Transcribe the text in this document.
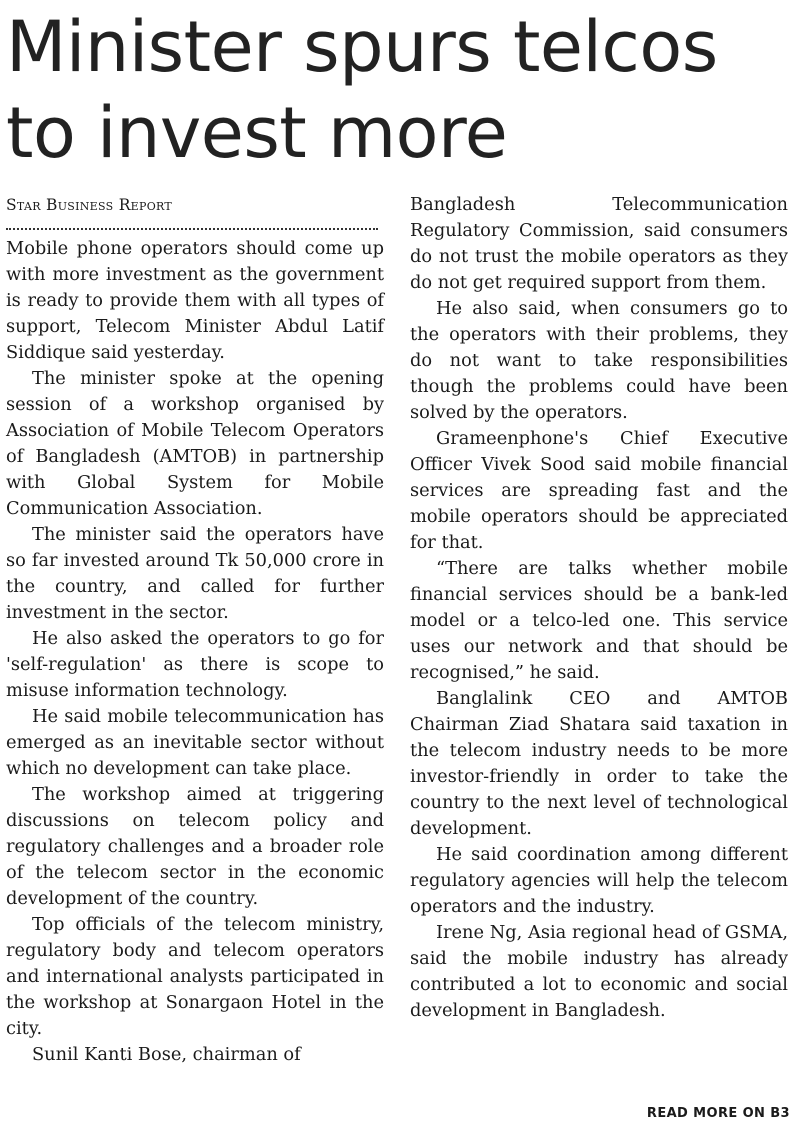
Minister spurs telcos to invest more
Star Business Report

Mobile phone operators should come up with more investment as the government is ready to provide them with all types of support, Telecom Minister Abdul Latif Siddique said yesterday.

The minister spoke at the opening session of a workshop organised by Association of Mobile Telecom Operators of Bangladesh (AMTOB) in partnership with Global System for Mobile Communication Association.

The minister said the operators have so far invested around Tk 50,000 crore in the country, and called for further investment in the sector.

He also asked the operators to go for 'self-regulation' as there is scope to misuse information technology.

He said mobile telecommunication has emerged as an inevitable sector without which no development can take place.

The workshop aimed at triggering discussions on telecom policy and regulatory challenges and a broader role of the telecom sector in the economic development of the country.

Top officials of the telecom ministry, regulatory body and telecom operators and international analysts participated in the workshop at Sonargaon Hotel in the city.

Sunil Kanti Bose, chairman of

Bangladesh Telecommunication Regulatory Commission, said consumers do not trust the mobile operators as they do not get required support from them.

He also said, when consumers go to the operators with their problems, they do not want to take responsibilities though the problems could have been solved by the operators.

Grameenphone's Chief Executive Officer Vivek Sood said mobile financial services are spreading fast and the mobile operators should be appreciated for that.

“There are talks whether mobile financial services should be a bank-led model or a telco-led one. This service uses our network and that should be recognised,” he said.

Banglalink CEO and AMTOB Chairman Ziad Shatara said taxation in the telecom industry needs to be more investor-friendly in order to take the country to the next level of technological development.

He said coordination among different regulatory agencies will help the telecom operators and the industry.

Irene Ng, Asia regional head of GSMA, said the mobile industry has already contributed a lot to economic and social development in Bangladesh.

READ MORE ON B3
